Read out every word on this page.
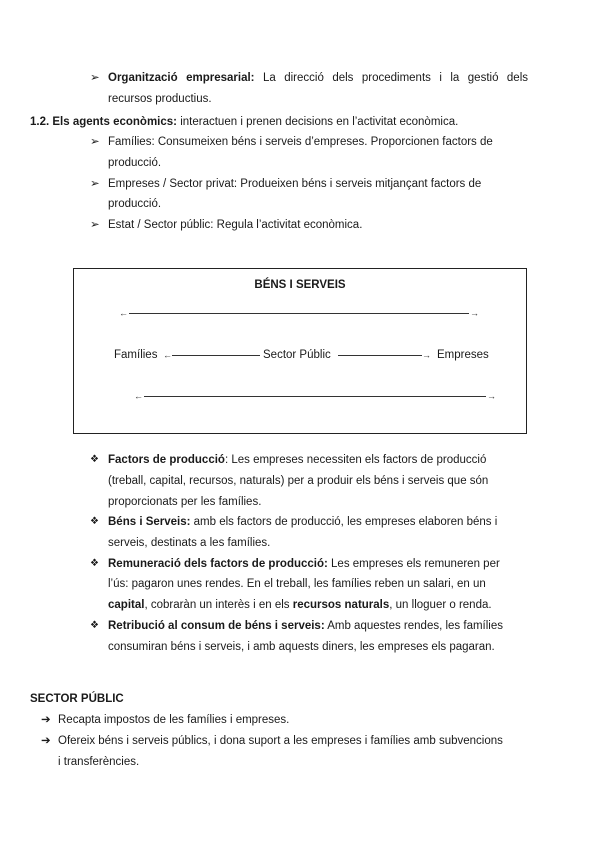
➢ Organització empresarial: La direcció dels procediments i la gestió dels
recursos productius.
1.2. Els agents econòmics: interactuen i prenen decisions en l’activitat econòmica.
➢ Famílies: Consumeixen béns i serveis d’empreses. Proporcionen factors de
producció.
➢ Empreses / Sector privat: Produeixen béns i serveis mitjançant factors de
producció.
➢ Estat / Sector públic: Regula l’activitat econòmica.
BÉNS I SERVEIS
←	→
Famílies ←	Sector Públic	→ Empreses
←	→
❖ Factors de producció: Les empreses necessiten els factors de producció
(treball, capital, recursos, naturals) per a produir els béns i serveis que són
proporcionats per les famílies.
❖ Béns i Serveis: amb els factors de producció, les empreses elaboren béns i
serveis, destinats a les famílies.
❖ Remuneració dels factors de producció: Les empreses els remuneren per
l’ús: pagaron unes rendes. En el treball, les famílies reben un salari, en un
capital, cobraràn un interès i en els recursos naturals, un lloguer o renda.
❖ Retribució al consum de béns i serveis: Amb aquestes rendes, les famílies
consumiran béns i serveis, i amb aquests diners, les empreses els pagaran.
SECTOR PÚBLIC
➔ Recapta impostos de les famílies i empreses.
➔ Ofereix béns i serveis públics, i dona suport a les empreses i famílies amb subvencions
i transferències.
